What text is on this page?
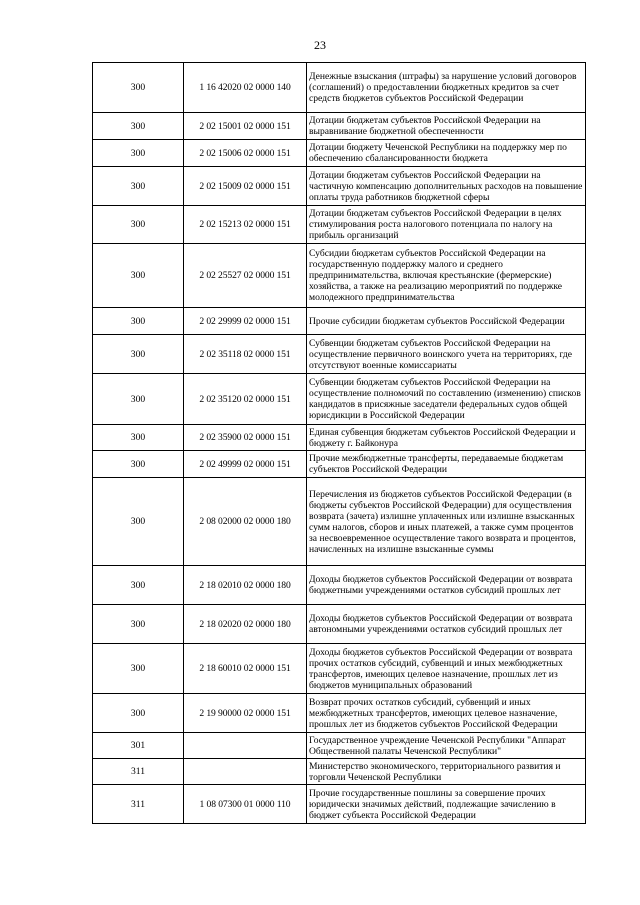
23
300	1 16 42020 02 0000 140	Денежные взыскания (штрафы) за нарушение условий договоров (соглашений) о предоставлении бюджетных кредитов за счет средств бюджетов субъектов Российской Федерации
300	2 02 15001 02 0000 151	Дотации бюджетам субъектов Российской Федерации на выравнивание бюджетной обеспеченности
300	2 02 15006 02 0000 151	Дотации бюджету Чеченской Республики на поддержку мер по обеспечению сбалансированности бюджета
300	2 02 15009 02 0000 151	Дотации бюджетам субъектов Российской Федерации на частичную компенсацию дополнительных расходов на повышение оплаты труда работников бюджетной сферы
300	2 02 15213 02 0000 151	Дотации бюджетам субъектов Российской Федерации в целях стимулирования роста налогового потенциала по налогу на прибыль организаций
300	2 02 25527 02 0000 151	Субсидии бюджетам субъектов Российской Федерации на государственную поддержку малого и среднего предпринимательства, включая крестьянские (фермерские) хозяйства, а также на реализацию мероприятий по поддержке молодежного предпринимательства
300	2 02 29999 02 0000 151	Прочие субсидии бюджетам субъектов Российской Федерации
300	2 02 35118 02 0000 151	Субвенции бюджетам субъектов Российской Федерации на осуществление первичного воинского учета на территориях, где отсутствуют военные комиссариаты
300	2 02 35120 02 0000 151	Субвенции бюджетам субъектов Российской Федерации на осуществление полномочий по составлению (изменению) списков кандидатов в присяжные заседатели федеральных судов общей юрисдикции в Российской Федерации
300	2 02 35900 02 0000 151	Единая субвенция бюджетам субъектов Российской Федерации и бюджету г. Байконура
300	2 02 49999 02 0000 151	Прочие межбюджетные трансферты, передаваемые бюджетам субъектов Российской Федерации
300	2 08 02000 02 0000 180	Перечисления из бюджетов субъектов Российской Федерации (в бюджеты субъектов Российской Федерации) для осуществления возврата (зачета) излишне уплаченных или излишне взысканных сумм налогов, сборов и иных платежей, а также сумм процентов за несвоевременное осуществление такого возврата и процентов, начисленных на излишне взысканные суммы
300	2 18 02010 02 0000 180	Доходы бюджетов субъектов Российской Федерации от возврата бюджетными учреждениями остатков субсидий прошлых лет
300	2 18 02020 02 0000 180	Доходы бюджетов субъектов Российской Федерации от возврата автономными учреждениями остатков субсидий прошлых лет
300	2 18 60010 02 0000 151	Доходы бюджетов субъектов Российской Федерации от возврата прочих остатков субсидий, субвенций и иных межбюджетных трансфертов, имеющих целевое назначение, прошлых лет из бюджетов муниципальных образований
300	2 19 90000 02 0000 151	Возврат прочих остатков субсидий, субвенций и иных межбюджетных трансфертов, имеющих целевое назначение, прошлых лет из бюджетов субъектов Российской Федерации
301		Государственное учреждение Чеченской Республики "Аппарат Общественной палаты Чеченской Республики"
311		Министерство экономического, территориального развития и торговли Чеченской Республики
311	1 08 07300 01 0000 110	Прочие государственные пошлины за совершение прочих юридически значимых действий, подлежащие зачислению в бюджет субъекта Российской Федерации
